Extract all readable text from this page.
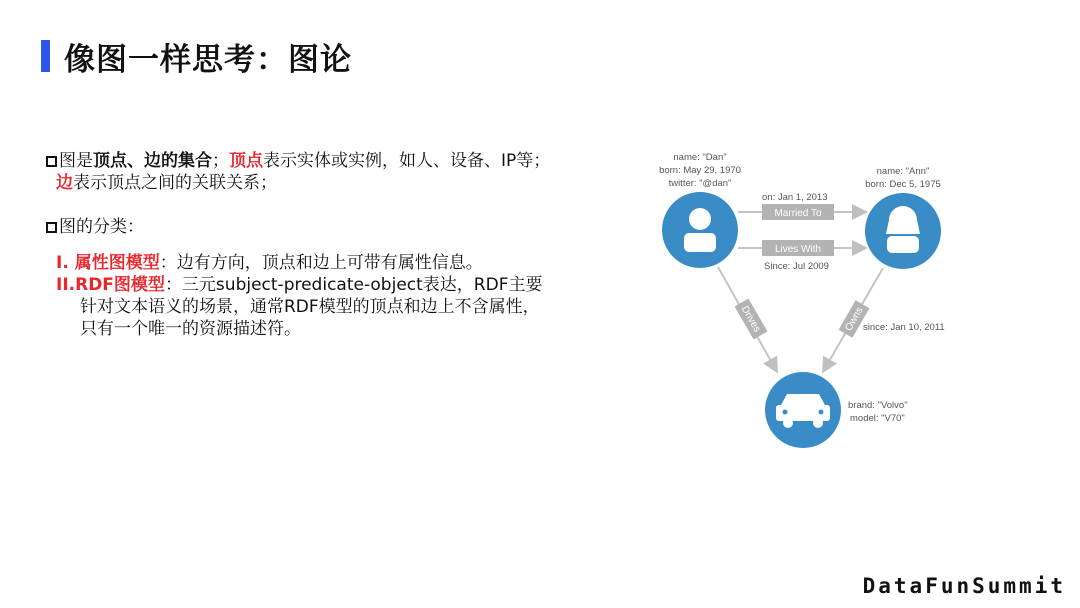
像图一样思考：图论
图是顶点、边的集合；顶点表示实体或实例，如人、设备、IP等；
边表示顶点之间的关联关系；
图的分类：
I. 属性图模型：边有方向，顶点和边上可带有属性信息。
II.RDF图模型：三元subject-predicate-object表达，RDF主要
针对文本语义的场景，通常RDF模型的顶点和边上不含属性，
只有一个唯一的资源描述符。
name: "Dan"
born: May 29, 1970
twitter: "@dan"
name: "Ann"
born: Dec 5, 1975
on: Jan 1, 2013
Married To
Lives With
Since: Jul 2009
Drives	Owns
since: Jan 10, 2011
brand: "Volvo"
model: "V70"
DataFunSummit
